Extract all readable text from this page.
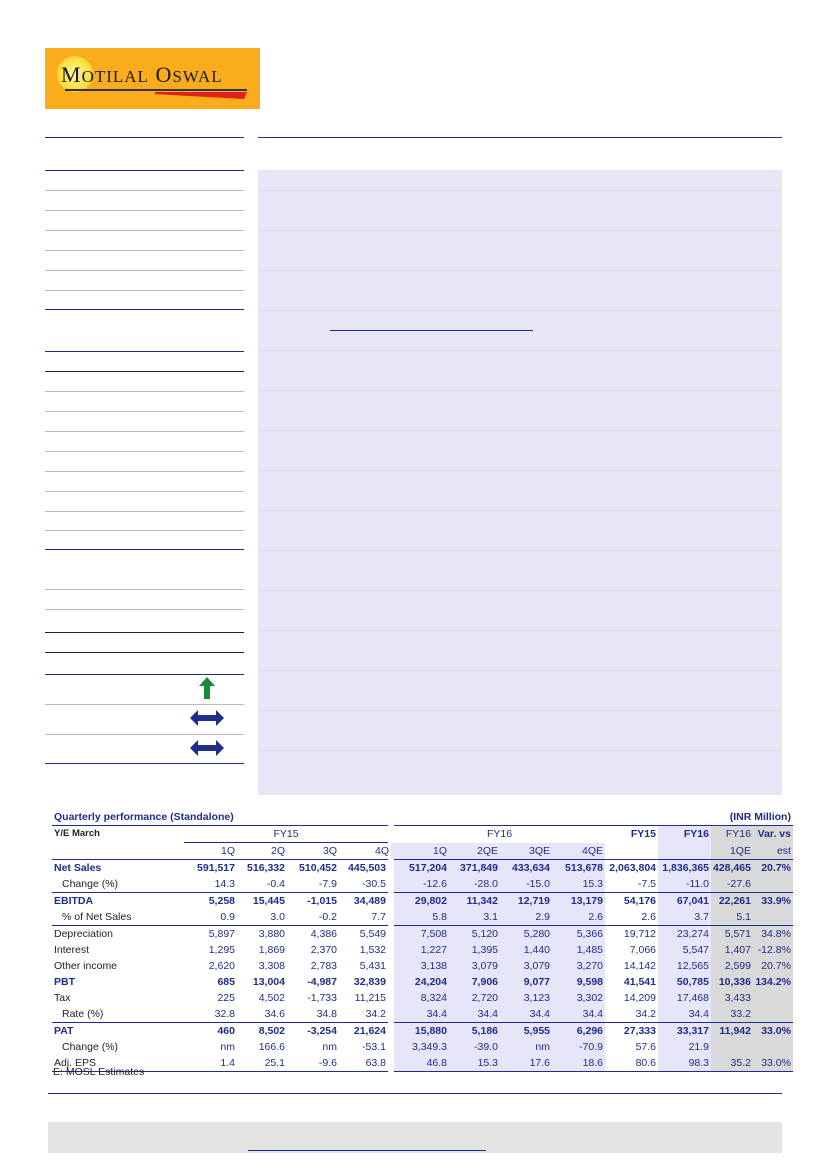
MOTILAL OSWAL
Quarterly performance (Standalone)						(INR Million)						
Y/E March	FY15				FY16				FY15	FY16	FY16	Var. vs
	1Q	2Q	3Q	4Q	1Q	2QE	3QE	4QE			1QE	est
Net Sales	591,517	516,332	510,452	445,503	517,204	371,849	433,634	513,678	2,063,804	1,836,365	428,465	20.7%
Change (%)	14.3	-0.4	-7.9	-30.5	-12.6	-28.0	-15.0	15.3	-7.5	-11.0	-27.6	
EBITDA	5,258	15,445	-1,015	34,489	29,802	11,342	12,719	13,179	54,176	67,041	22,261	33.9%
% of Net Sales	0.9	3.0	-0.2	7.7	5.8	3.1	2.9	2.6	2.6	3.7	5.1	
Depreciation	5,897	3,880	4,386	5,549	7,508	5,120	5,280	5,366	19,712	23,274	5,571	34.8%
Interest	1,295	1,869	2,370	1,532	1,227	1,395	1,440	1,485	7,066	5,547	1,407	-12.8%
Other income	2,620	3,308	2,783	5,431	3,138	3,079	3,079	3,270	14,142	12,565	2,599	20.7%
PBT	685	13,004	-4,987	32,839	24,204	7,906	9,077	9,598	41,541	50,785	10,336	134.2%
Tax	225	4,502	-1,733	11,215	8,324	2,720	3,123	3,302	14,209	17,468	3,433	
Rate (%)	32.8	34.6	34.8	34.2	34.4	34.4	34.4	34.4	34.2	34.4	33.2	
PAT	460	8,502	-3,254	21,624	15,880	5,186	5,955	6,296	27,333	33,317	11,942	33.0%
Change (%)	nm	166.6	nm	-53.1	3,349.3	-39.0	nm	-70.9	57.6	21.9		
Adj. EPS	1.4	25.1	-9.6	63.8	46.8	15.3	17.6	18.6	80.6	98.3	35.2	33.0%
E: MOSL Estimates
